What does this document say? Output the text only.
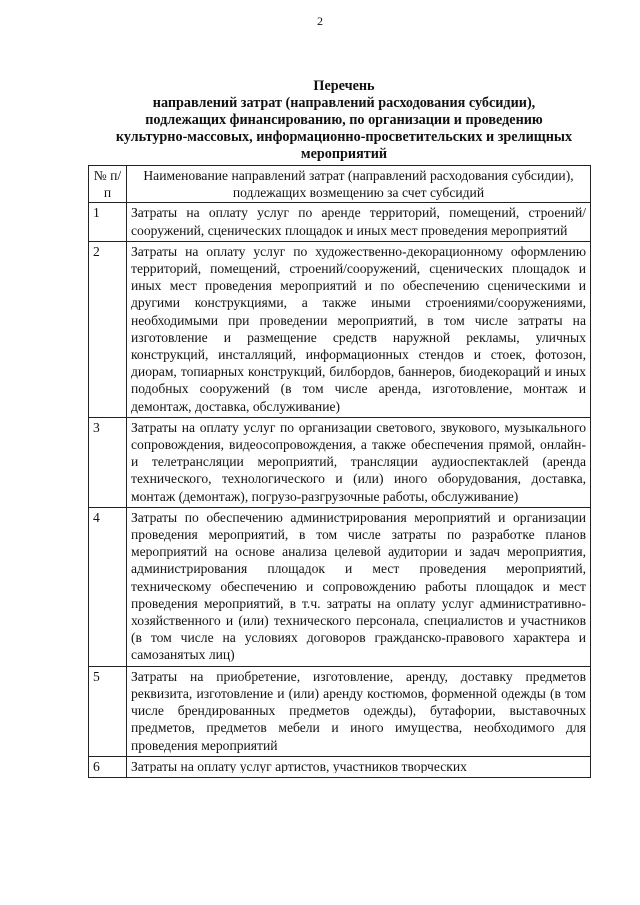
2
Перечень
направлений затрат (направлений расходования субсидии),
подлежащих финансированию, по организации и проведению
культурно-массовых, информационно-просветительских и зрелищных
мероприятий
№ п/п	Наименование направлений затрат (направлений расходования субсидии), подлежащих возмещению за счет субсидий
1	Затраты на оплату услуг по аренде территорий, помещений, строений/сооружений, сценических площадок и иных мест проведения мероприятий
2	Затраты на оплату услуг по художественно-декорационному оформлению территорий, помещений, строений/сооружений, сценических площадок и иных мест проведения мероприятий и по обеспечению сценическими и другими конструкциями, а также иными строениями/сооружениями, необходимыми при проведении мероприятий, в том числе затраты на изготовление и размещение средств наружной рекламы, уличных конструкций, инсталляций, информационных стендов и стоек, фотозон, диорам, топиарных конструкций, билбордов, баннеров, биодекораций и иных подобных сооружений (в том числе аренда, изготовление, монтаж и демонтаж, доставка, обслуживание)
3	Затраты на оплату услуг по организации светового, звукового, музыкального сопровождения, видеосопровождения, а также обеспечения прямой, онлайн- и телетрансляции мероприятий, трансляции аудиоспектаклей (аренда технического, технологического и (или) иного оборудования, доставка, монтаж (демонтаж), погрузо-разгрузочные работы, обслуживание)
4	Затраты по обеспечению администрирования мероприятий и организации проведения мероприятий, в том числе затраты по разработке планов мероприятий на основе анализа целевой аудитории и задач мероприятия, администрирования площадок и мест проведения мероприятий, техническому обеспечению и сопровождению работы площадок и мест проведения мероприятий, в т.ч. затраты на оплату услуг административно-хозяйственного и (или) технического персонала, специалистов и участников (в том числе на условиях договоров гражданско-правового характера и самозанятых лиц)
5	Затраты на приобретение, изготовление, аренду, доставку предметов реквизита, изготовление и (или) аренду костюмов, форменной одежды (в том числе брендированных предметов одежды), бутафории, выставочных предметов, предметов мебели и иного имущества, необходимого для проведения мероприятий
6	Затраты на оплату услуг артистов, участников творческих
